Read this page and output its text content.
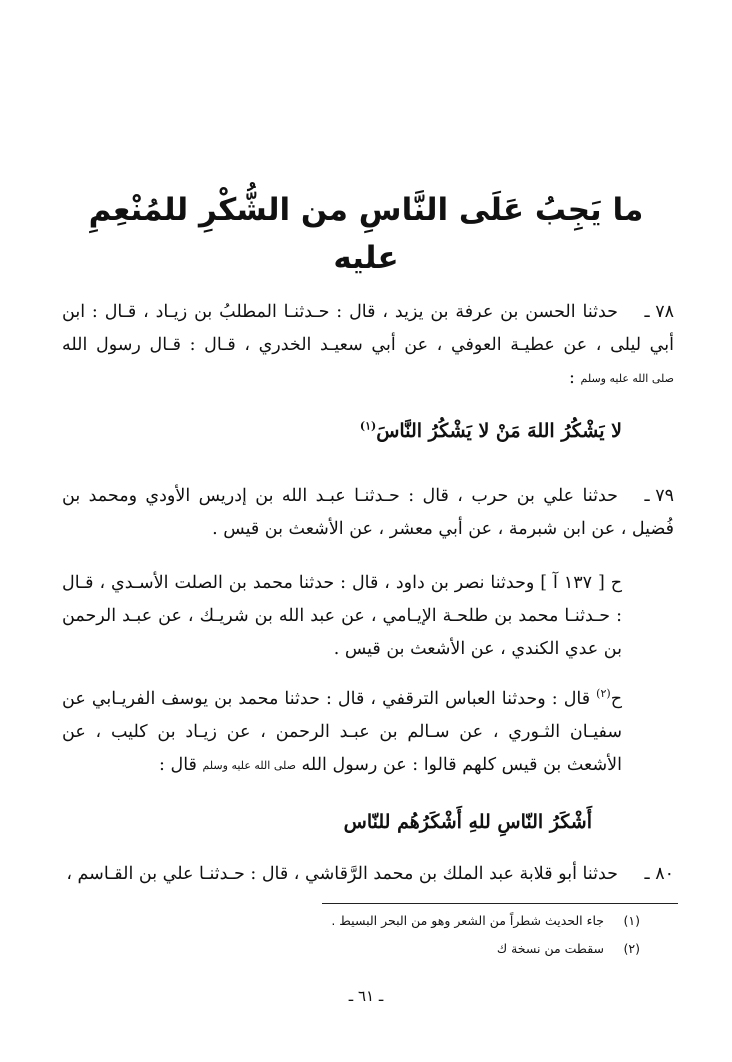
ما يَجِبُ عَلَى النَّاسِ من الشُّكْرِ للمُنْعِمِ عليه
٧٨ ـحدثنا الحسن بن عرفة بن يزيد ، قال : حـدثنـا المطلبُ بن زيـاد ، قـال : ابن أبي ليلى ، عن عطيـة العوفي ، عن أبي سعيـد الخدري ، قـال : قـال رسول الله صلى الله عليه وسلم :
لا يَشْكُرُ اللهَ مَنْ لا يَشْكُرُ النَّاسَ$^{(١)}$
٧٩ ـحدثنا علي بن حرب ، قال : حـدثنـا عبـد الله بن إدريس الأودي ومحمد بن فُضيل ، عن ابن شبرمة ، عن أبي معشر ، عن الأشعث بن قيس .
ح [ ١٣٧ آ ] وحدثنا نصر بن داود ، قال : حدثنا محمد بن الصلت الأسـدي ، قـال : حـدثنـا محمد بن طلحـة الإيـامي ، عن عبد الله بن شريـك ، عن عبـد الرحمن بن عدي الكندي ، عن الأشعث بن قيس .
ح$^{(٢)}$ قال : وحدثنا العباس الترقفي ، قال : حدثنا محمد بن يوسف الفريـابي عن سفيـان الثـوري ، عن سـالم بن عبـد الرحمن ، عن زيـاد بن كليب ، عن الأشعث بن قيس كلهم قالوا : عن رسول الله صلى الله عليه وسلم قال :
أَشْكَرُ النّاسِ للهِ أَشْكَرُهُم للنّاس
٨٠ ـحدثنا أبو قلابة عبد الملك بن محمد الرَّقاشي ، قال : حـدثنـا علي بن القـاسم ،
(١)جاء الحديث شطراً من الشعر وهو من البحر البسيط .
(٢)سقطت من نسخة ك
ـ ٦١ ـ
